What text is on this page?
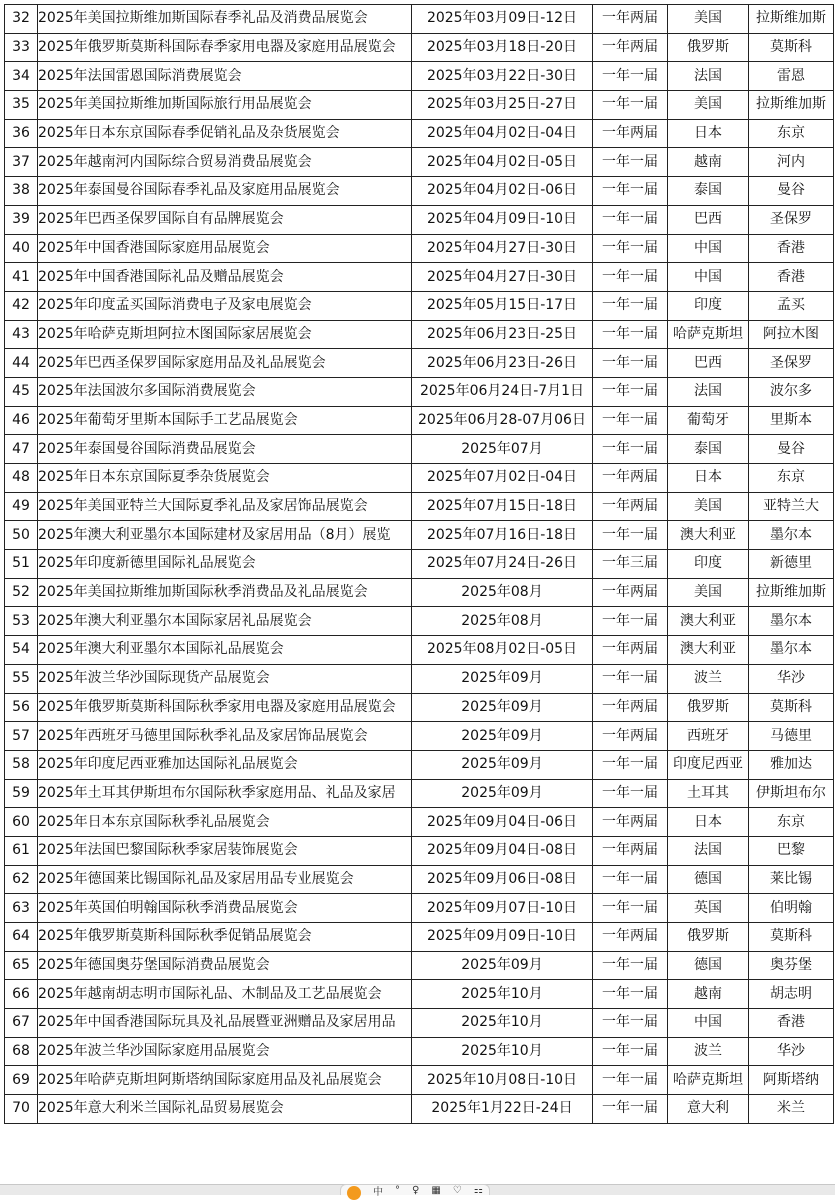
32	2025年美国拉斯维加斯国际春季礼品及消费品展览会	2025年03月09日-12日	一年两届	美国	拉斯维加斯
33	2025年俄罗斯莫斯科国际春季家用电器及家庭用品展览会	2025年03月18日-20日	一年两届	俄罗斯	莫斯科
34	2025年法国雷恩国际消费展览会	2025年03月22日-30日	一年一届	法国	雷恩
35	2025年美国拉斯维加斯国际旅行用品展览会	2025年03月25日-27日	一年一届	美国	拉斯维加斯
36	2025年日本东京国际春季促销礼品及杂货展览会	2025年04月02日-04日	一年两届	日本	东京
37	2025年越南河内国际综合贸易消费品展览会	2025年04月02日-05日	一年一届	越南	河内
38	2025年泰国曼谷国际春季礼品及家庭用品展览会	2025年04月02日-06日	一年一届	泰国	曼谷
39	2025年巴西圣保罗国际自有品牌展览会	2025年04月09日-10日	一年一届	巴西	圣保罗
40	2025年中国香港国际家庭用品展览会	2025年04月27日-30日	一年一届	中国	香港
41	2025年中国香港国际礼品及赠品展览会	2025年04月27日-30日	一年一届	中国	香港
42	2025年印度孟买国际消费电子及家电展览会	2025年05月15日-17日	一年一届	印度	孟买
43	2025年哈萨克斯坦阿拉木图国际家居展览会	2025年06月23日-25日	一年一届	哈萨克斯坦	阿拉木图
44	2025年巴西圣保罗国际家庭用品及礼品展览会	2025年06月23日-26日	一年一届	巴西	圣保罗
45	2025年法国波尔多国际消费展览会	2025年06月24日-7月1日	一年一届	法国	波尔多
46	2025年葡萄牙里斯本国际手工艺品展览会	2025年06月28-07月06日	一年一届	葡萄牙	里斯本
47	2025年泰国曼谷国际消费品展览会	2025年07月	一年一届	泰国	曼谷
48	2025年日本东京国际夏季杂货展览会	2025年07月02日-04日	一年两届	日本	东京
49	2025年美国亚特兰大国际夏季礼品及家居饰品展览会	2025年07月15日-18日	一年两届	美国	亚特兰大
50	2025年澳大利亚墨尔本国际建材及家居用品（8月）展览	2025年07月16日-18日	一年一届	澳大利亚	墨尔本
51	2025年印度新德里国际礼品展览会	2025年07月24日-26日	一年三届	印度	新德里
52	2025年美国拉斯维加斯国际秋季消费品及礼品展览会	2025年08月	一年两届	美国	拉斯维加斯
53	2025年澳大利亚墨尔本国际家居礼品展览会	2025年08月	一年一届	澳大利亚	墨尔本
54	2025年澳大利亚墨尔本国际礼品展览会	2025年08月02日-05日	一年两届	澳大利亚	墨尔本
55	2025年波兰华沙国际现货产品展览会	2025年09月	一年一届	波兰	华沙
56	2025年俄罗斯莫斯科国际秋季家用电器及家庭用品展览会	2025年09月	一年两届	俄罗斯	莫斯科
57	2025年西班牙马德里国际秋季礼品及家居饰品展览会	2025年09月	一年两届	西班牙	马德里
58	2025年印度尼西亚雅加达国际礼品展览会	2025年09月	一年一届	印度尼西亚	雅加达
59	2025年土耳其伊斯坦布尔国际秋季家庭用品、礼品及家居	2025年09月	一年一届	土耳其	伊斯坦布尔
60	2025年日本东京国际秋季礼品展览会	2025年09月04日-06日	一年两届	日本	东京
61	2025年法国巴黎国际秋季家居装饰展览会	2025年09月04日-08日	一年两届	法国	巴黎
62	2025年德国莱比锡国际礼品及家居用品专业展览会	2025年09月06日-08日	一年一届	德国	莱比锡
63	2025年英国伯明翰国际秋季消费品展览会	2025年09月07日-10日	一年一届	英国	伯明翰
64	2025年俄罗斯莫斯科国际秋季促销品展览会	2025年09月09日-10日	一年两届	俄罗斯	莫斯科
65	2025年德国奥芬堡国际消费品展览会	2025年09月	一年一届	德国	奥芬堡
66	2025年越南胡志明市国际礼品、木制品及工艺品展览会	2025年10月	一年一届	越南	胡志明
67	2025年中国香港国际玩具及礼品展暨亚洲赠品及家居用品	2025年10月	一年一届	中国	香港
68	2025年波兰华沙国际家庭用品展览会	2025年10月	一年一届	波兰	华沙
69	2025年哈萨克斯坦阿斯塔纳国际家庭用品及礼品展览会	2025年10月08日-10日	一年一届	哈萨克斯坦	阿斯塔纳
70	2025年意大利米兰国际礼品贸易展览会	2025年1月22日-24日	一年一届	意大利	米兰
中 ° ♀ ▦ ♡ ⚏
